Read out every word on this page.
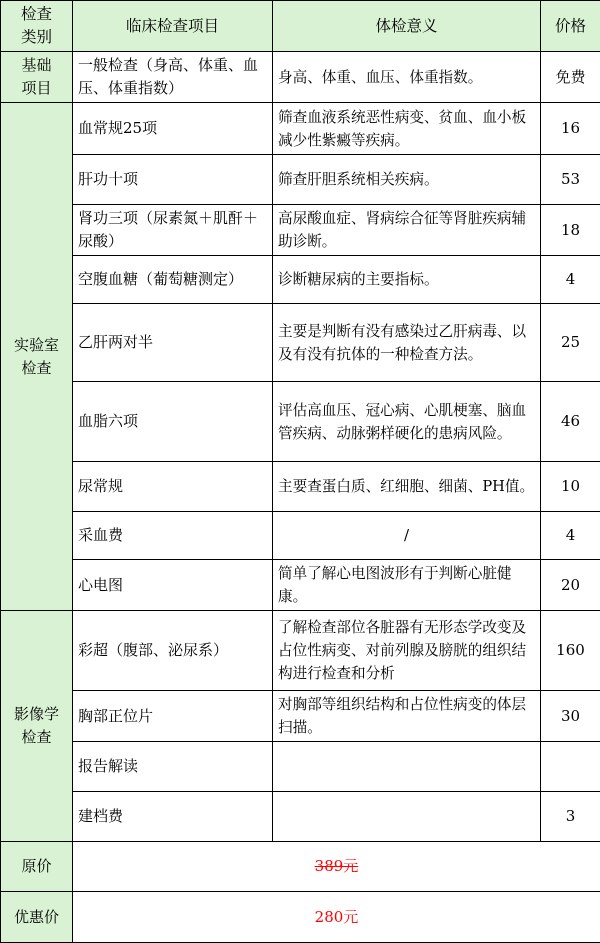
检查类别	临床检查项目	体检意义	价格
基础项目	一般检查（身高、体重、血压、体重指数）	身高、体重、血压、体重指数。	免费
实验室检查	血常规25项	筛查血液系统恶性病变、贫血、血小板减少性紫癜等疾病。	16
	肝功十项	筛查肝胆系统相关疾病。	53
	肾功三项（尿素氮＋肌酐＋尿酸）	高尿酸血症、肾病综合征等肾脏疾病辅助诊断。	18
	空腹血糖（葡萄糖测定）	诊断糖尿病的主要指标。	4
	乙肝两对半	主要是判断有没有感染过乙肝病毒、以及有没有抗体的一种检查方法。	25
	血脂六项	评估高血压、冠心病、心肌梗塞、脑血管疾病、动脉粥样硬化的患病风险。	46
	尿常规	主要查蛋白质、红细胞、细菌、PH值。	10
	采血费	/	4
	心电图	简单了解心电图波形有于判断心脏健康。	20
影像学检查	彩超（腹部、泌尿系）	了解检查部位各脏器有无形态学改变及占位性病变、对前列腺及膀胱的组织结构进行检查和分析	160
	胸部正位片	对胸部等组织结构和占位性病变的体层扫描。	30
	报告解读		
	建档费		3
原价	389元		
优惠价	280元		
